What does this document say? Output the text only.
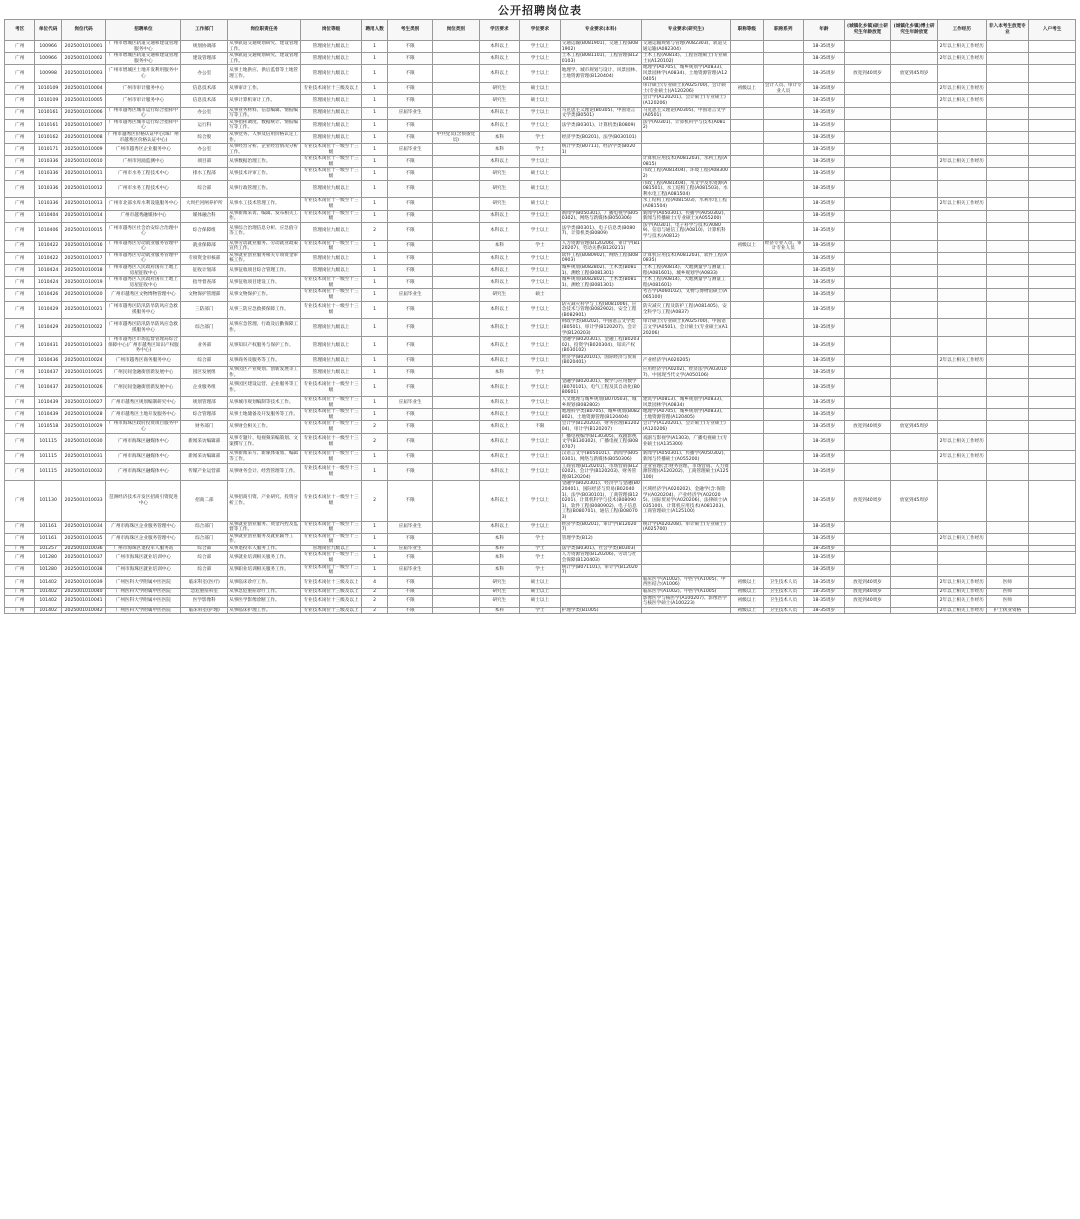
公开招聘岗位表
考区	单位代码	岗位代码	招聘单位	工作部门	岗位职责任务	岗位等级	聘用人数	考生类别	岗位类别	学历要求	学位要求	专业要求(本科)	专业要求(研究生)	职称等级	职称系列	年龄	(城镇化乡镇)硕士研究生年龄放宽	(城镇化乡镇)博士研究生年龄放宽	工作经历	非入本考生放宽专业	入户考生
广州	100966	2025001010001	广州市增城区轨道交通和建设管理服务中心	规划协调部	从事轨道交通规划研究、建设管理工作。	管理岗位九级以上	1	不限		本科以上	学士以上	交通运输(B081901)、交通工程(B081902)	交通运输规划与管理(A082303)、轨道交通运输(A082304)			18-35周岁			2年以上相关工作经历		
广州	100966	2025001010002	广州市增城区轨道交通和建设管理服务中心	建设管理部	从事轨道交通规划研究、建设管理工作。	管理岗位九级以上	1	不限		本科以上	学士以上	土木工程(B081101)、工程管理(B120103)	土木工程(A0814)、工程管理硕士(专业硕士)(A120102)			18-35周岁			2年以上相关工作经历		
广州	100998	2025001010003	广州市增城区土地开发利用服务中心	办公室	从事土地供应、供后监督等土地管理工作。	管理岗位九级以上	1	不限		本科以上	学士以上	地理学、城市规划与设计、风景园林、土地资源管理(B120404)	地理学(A0705)、城乡规划学(A0833)、风景园林学(A0834)、土地资源管理(A120405)			18-35周岁	放宽到40周岁	放宽到45周岁			
广州	1010109	2025001010004	广州市审计服务中心	信息技术部	从事审计工作。	专业技术岗位十三级及以上	1	不限		研究生	硕士以上		审计硕士(专业硕士)(A025700)、会计硕士(专业硕士)(A120206)	初级以上	会计人员、审计专业人员	18-35周岁			2年以上相关工作经历		
广州	1010109	2025001010005	广州市审计服务中心	信息技术部	从事计算机审计工作。	管理岗位九级以上	1	不限		研究生	硕士以上		会计学(A120201)、会计硕士(专业硕士)(A120206)			18-35周岁			2年以上相关工作经历		
广州	1010161	2025001010006	广州市越秀区城市运行综合指挥中心	办公室	从事业务材料、信息编辑、情报编写等工作。	管理岗位九级以上	1	应届毕业生		本科以上	学士以上	马克思主义理论(B0305)、中国语言文学类(B0501)	马克思主义理论(A0305)、中国语言文学(A0501)			18-35周岁					
广州	1010161	2025001010007	广州市越秀区城市运行综合指挥中心	运行科	从事指挥调度、数据统计、情报编写等工作。	管理岗位九级以上	1	不限		本科以上	学士以上	法学类(B0301)、计算机类(B0809)	法学(A0301)、计算机科学与技术(A0812)			18-35周岁					
广州	1010162	2025001010008	广州市越秀区价格认证中心(珠广州市越秀区价格认证中心)	综合股	从事党务、人事及信用价格认定工作。	管理岗位九级以上	1	不限	中共党员(含预备党员)	本科	学士	经济学类(B0201)、法学(B030101)				18-35周岁					
广州	1010171	2025001010009	广州市越秀区企业服务中心	办公室	从事经营分析、企业经营情况分析工作。	专业技术岗位十一级至十三级	1	应届毕业生		本科	学士	统计学类(B0711)、经济学类(B0201)				18-35周岁					
广州	1010336	2025001010010	广州市河涌监测中心	项目部	从事数据治理工作。	专业技术岗位十一级至十三级	1	不限		本科以上	学士以上		计算机应用技术(A081203)、水利工程(A0815)			18-35周岁			2年以上相关工作经历		
广州	1010336	2025001010011	广州市水务工程技术中心	排水工程部	从事技术评审工作。	专业技术岗位十一级至十三级	1	不限		研究生	硕士以上		市政工程(A081404)、环境工程(A083002)			18-35周岁					
广州	1010336	2025001010012	广州市水务工程技术中心	综合部	从事行政管理工作。	管理岗位九级以上	1	不限		研究生	硕士以上		市政工程(A081404)、水文学及水资源(A081501)、水工结构工程(A081503)、水利水电工程(A081504)			18-35周岁					
广州	1010336	2025001010013	广州市北部水库水利设施服务中心	大坝拦河闸养护所	从事水工技术管理工作。	专业技术岗位十一级至十三级	1	不限		研究生	硕士以上		水工结构工程(A081503)、水利水电工程(A081504)			18-35周岁			2年以上相关工作经历		
广州	1010404	2025001010014	广州市越秀融媒体中心	媒体融合科	从事新闻采访、编辑、发布相关工作。	专业技术岗位十一级至十三级	1	不限		本科以上	学士以上	新闻学(B050301)、广播电视学(B050302)、网络与新媒体(B050306)	新闻学(A050301)、传播学(A050302)、新闻与传播硕士(专业硕士)(A055200)			18-35周岁					
广州	1010406	2025001010015	广州市越秀区社会治安综合治理中心	综合保障组	从事综合治理信息分析、应急值守等工作。	管理岗位九级以上	2	不限		本科以上	学士以上	法学类(B0301)、电子信息类(B0807)、计算机类(B0809)	法学(A0301)、电子科学与技术(A0809)、信息与通信工程(A0810)、计算机科学与技术(A0812)			18-35周岁					
广州	1010422	2025001010016	广州市越秀区劳动就业服务管理中心	就业保障部	从事劳动就业服务、劳动就业政策宣传工作。	专业技术岗位十一级至十三级	1	不限		本科	学士	人力资源管理(B120206)、审计学(B120207)、劳动关系(B120211)		初级以上	经济专业人员、审计专业人员	18-35周岁					
广州	1010422	2025001010017	广州市越秀区劳动就业服务管理中心	专项资金审核部	从事就业创业服务相关专项资金审核工作。	管理岗位九级以上	1	不限		本科以上	学士以上	软件工程(B080902)、网络工程(B080903)	计算机应用技术(A081203)、软件工程(A0835)			18-35周岁					
广州	1010424	2025001010018	广州市越秀区人民政府国有土地上房屋征收中心	征收计划部	从事征收项目综合管理工作。	管理岗位九级以上	1	不限		本科以上	学士以上	城乡规划(B082802)、土木类(B0811)、测绘工程(B081301)	土木工程(A0814)、大地测量学与测量工程(A081601)、城乡规划学(A0833)			18-35周岁					
广州	1010424	2025001010019	广州市越秀区人民政府国有土地上房屋征收中心	指导督查部	从事征收项目建设工作。	专业技术岗位十一级至十三级	1	不限		本科以上	学士以上	城乡规划(B082802)、土木类(B0811)、测绘工程(B081301)	土木工程(A0814)、大地测量学与测量工程(A081601)			18-35周岁					
广州	1010426	2025001010020	广州市越秀区文物博物管理中心	文物保护管理部	从事文物保护工作。	专业技术岗位十一级至十三级	1	应届毕业生		研究生	硕士		考古学(A060102)、文物与博物馆硕士(A065100)			18-35周岁					
广州	1010429	2025001010021	广州市越秀区防汛防旱防风应急救援服务中心	三防部门	从事三防应急救援保障工作。	专业技术岗位十一级至十三级	1	不限		本科以上	学士以上	防灾减灾科学与工程(B081006)、应急技术与管理(B082902)、安全工程(B082901)	防灾减灾工程及防护工程(A081405)、安全科学与工程(A0837)			18-35周岁					
广州	1010429	2025001010022	广州市越秀区防汛防旱防风应急救援服务中心	综合部门	从事应急管理、行政及后勤保障工作。	管理岗位九级以上	1	不限		本科以上	学士以上	财政学类(B0202)、中国语言文学类(B0501)、审计学(B120207)、会计学(B120203)	审计硕士(专业硕士)(A025700)、中国语言文学(A0501)、会计硕士(专业硕士)(A120206)			18-35周岁					
广州	1010431	2025001010023	广州市越秀区市场监督管理局综合保障中心(广州市越秀区知识产权服务中心)	业务部	从事知识产权服务与保护工作。	管理岗位九级以上	1	不限		本科以上	学士以上	金融学(B020301)、金融工程(B020302)、投资学(B020304)、知识产权(B030102)				18-35周岁					
广州	1010436	2025001010024	广州市越秀区商务服务中心	综合部	从事商务及服务等工作。	管理岗位九级以上	1	不限		本科以上	学士以上	经济学(B020101)、国际经济与贸易(B020401)	产业经济学(A020205)			18-35周岁			2年以上相关工作经历		
广州	1010437	2025001010025	广州民间金融街创新发展中心	园区发展组	从事园区产业规划、创新发展等工作。	管理岗位九级以上	1	不限		本科	学士		应用经济学(A0202)、经济法学(A030107)、中国现当代文学(A050106)			18-35周岁					
广州	1010437	2025001010026	广州民间金融街创新发展中心	企业服务组	从事园区建设运营、企业服务等工作。	专业技术岗位十一级至十三级	1	不限		本科以上	学士以上	金融学(B020301)、数学与应用数学(B070101)、电气工程及其自动化(B080601)				18-35周岁					
广州	1010439	2025001010027	广州市越秀区规划编制研究中心	规划管理部	从事城市规划编制等技术工作。	专业技术岗位十一级至十三级	1	应届毕业生		本科以上	学士以上	人文地理与城乡规划(B070503)、城乡规划(B082802)	建筑学(A0813)、城乡规划学(A0833)、风景园林学(A0834)			18-35周岁					
广州	1010439	2025001010028	广州市越秀区土地开发服务中心	综合管理部	从事土地储备及开发服务等工作。	专业技术岗位十一级至十三级	1	不限		本科以上	学士以上	地理科学类(B0705)、城乡规划(B082802)、土地资源管理(B120404)	地理学(A0705)、城乡规划学(A0833)、土地资源管理(A120405)			18-35周岁					
广州	1010518	2025001010029	广州市海珠区政府投资项目服务中心	财务部门	从事财会相关工作。	专业技术岗位十一级至十三级	2	不限		本科以上	不限	会计学(B120203)、财务管理(B120204)、审计学(B120207)	会计学(A120201)、会计硕士(专业硕士)(A120206)			18-35周岁	放宽到40周岁	放宽到45周岁			
广州	101115	2025001010030	广州市海珠区融媒体中心	新闻采访编辑部	从事专题片、短视频采编策划、文案撰写工作。	专业技术岗位十一级至十三级	2	不限		本科以上	学士以上	广播电视编导(B130305)、戏剧影视文学(B130302)、广播电视工程(B080707)	戏剧与影视学(A1303)、广播电视硕士(专业硕士)(A135300)			18-35周岁			2年以上相关工作经历		
广州	101115	2025001010031	广州市海珠区融媒体中心	新闻采访编辑部	从事新闻采写、新媒体策划、编辑等工作。	专业技术岗位十一级至十三级	1	不限		本科以上	学士以上	汉语言文学(B050101)、新闻学(B050301)、网络与新媒体(B050306)	新闻学(A050301)、传播学(A050302)、新闻与传播硕士(A055200)			18-35周岁			2年以上相关工作经历		
广州	101115	2025001010032	广州市海珠区融媒体中心	传媒产业运营部	从事财务会计、经营管理等工作。	专业技术岗位十一级至十三级	1	不限		本科以上	学士以上	工商管理(B120201)、市场营销(B120202)、会计学(B120203)、财务管理(B120204)	企业管理(含:财务管理、市场营销、人力资源管理)(A120202)、工商管理硕士(A125100)			18-35周岁					
广州	101130	2025001010033	琶洲经济技术开发区招商引资促进中心	招商二部	从事招商引资、产业研究、投资分析工作。	专业技术岗位十一级至十三级	2	不限		本科以上	学士以上	金融学(B020301)、经济学与金融(B020401)、国际经济与贸易(B020401)、法学(B030101)、工商管理(B120201)、计算机科学与技术(B080901)、软件工程(B080902)、电子信息工程(B080701)、通信工程(B080703)	区域经济学(A020202)、金融学(含:保险学)(A020204)、产业经济学(A020205)、国际贸易学(A020206)、法律硕士(A035100)、计算机应用技术(A081203)、工商管理硕士(A125100)			18-35周岁	放宽到40周岁	放宽到45周岁			
广州	101161	2025001010034	广州市海珠区企业服务管理中心	综合部门	从事就业创业服务、资金内控及监督等工作。	专业技术岗位十一级至十三级	1	应届毕业生		本科以上	学士以上	经济学类(B0201)、审计学(B120207)	统计学(A020208)、审计硕士(专业硕士)(A025700)			18-35周岁					
广州	101161	2025001010035	广州市海珠区企业服务管理中心	综合部门	从事就业创业服务及就业辅导工作。	专业技术岗位十一级至十三级	1	不限		本科	学士	管理学类(B12)				18-35周岁			2年以上相关工作经历		
广州	101257	2025001010036	广州市海珠区退役军人服务站	综合部	从事退役军人服务工作。	管理岗位九级以上	1	应届毕业生		本科	学士	法学类(B0301)、社会学类(B0303)				18-35周岁					
广州	101280	2025001010037	广州市海珠区就业培训中心	综合部	从事就业培训相关服务工作。	专业技术岗位十一级至十三级	1	不限		本科	学士	人力资源管理(B120206)、劳动与社会保障(B120403)				18-35周岁					
广州	101280	2025001010038	广州市海珠区就业培训中心	综合部	从事职业培训相关服务工作。	专业技术岗位十一级至十三级	1	应届毕业生		本科	学士	统计学(B071101)、审计学(B120207)				18-35周岁					
广州	101402	2025001010039	广州医科大学附属中医医院	临床科室(医疗)	从事临床诊疗工作。	专业技术岗位十三级及以上	4	不限		研究生	硕士以上		临床医学(A1002)、中医学(A1005)、中西医结合(A1006)	初级以上	卫生技术人员	18-35周岁	放宽到40周岁		2年以上相关工作经历	医师	
广州	101402	2025001010040	广州医科大学附属中医医院	急危重症科室	从事急危重症诊疗工作。	专业技术岗位十三级及以上	2	不限		研究生	硕士以上		临床医学(A1002)、中医学(A1005)	初级以上	卫生技术人员	18-35周岁	放宽到40周岁		2年以上相关工作经历	医师	
广州	101402	2025001010041	广州医科大学附属中医医院	医学影像科	从事医学影像诊断工作。	专业技术岗位十三级及以上	2	不限		研究生	硕士以上		影像医学与核医学(A100207)、影像医学与核医学硕士(A100223)	初级以上	卫生技术人员	18-35周岁	放宽到40周岁		2年以上相关工作经历	医师	
广州	101402	2025001010042	广州医科大学附属中医医院	临床科室(护理)	从事临床护理工作。	专业技术岗位十三级及以上	2	不限		本科	学士	护理学类(B1005)		初级以上	卫生技术人员	18-35周岁			2年以上相关工作经历	护士执业资格	
